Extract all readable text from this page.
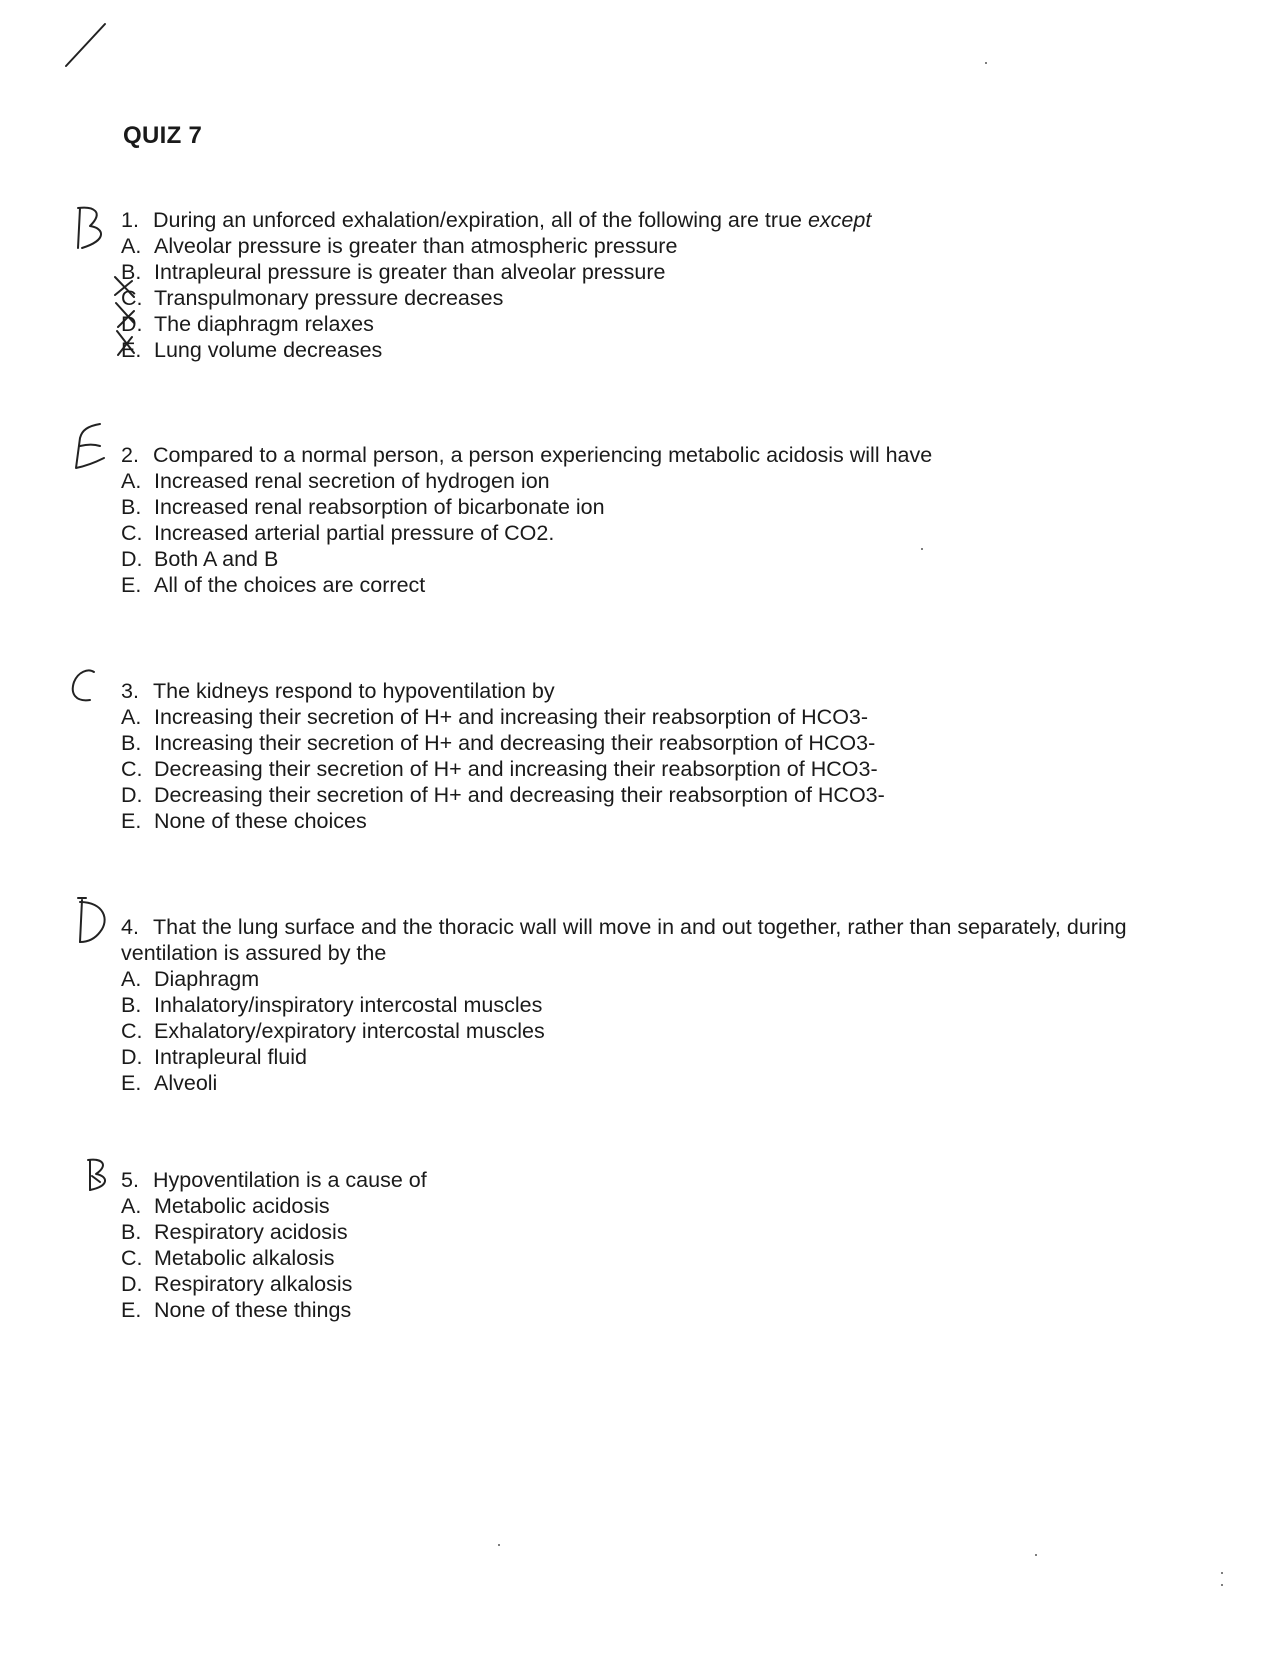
QUIZ 7

1. During an unforced exhalation/expiration, all of the following are true except

A. Alveolar pressure is greater than atmospheric pressure
B. Intrapleural pressure is greater than alveolar pressure
C. Transpulmonary pressure decreases
D. The diaphragm relaxes
E. Lung volume decreases

2. Compared to a normal person, a person experiencing metabolic acidosis will have

A. Increased renal secretion of hydrogen ion
B. Increased renal reabsorption of bicarbonate ion
C. Increased arterial partial pressure of CO2.
D. Both A and B
E. All of the choices are correct

3. The kidneys respond to hypoventilation by

A. Increasing their secretion of H+ and increasing their reabsorption of HCO3-
B. Increasing their secretion of H+ and decreasing their reabsorption of HCO3-
C. Decreasing their secretion of H+ and increasing their reabsorption of HCO3-
D. Decreasing their secretion of H+ and decreasing their reabsorption of HCO3-
E. None of these choices

4. That the lung surface and the thoracic wall will move in and out together, rather than separately, during ventilation is assured by the

A. Diaphragm
B. Inhalatory/inspiratory intercostal muscles
C. Exhalatory/expiratory intercostal muscles
D. Intrapleural fluid
E. Alveoli

5. Hypoventilation is a cause of

A. Metabolic acidosis
B. Respiratory acidosis
C. Metabolic alkalosis
D. Respiratory alkalosis
E. None of these things
